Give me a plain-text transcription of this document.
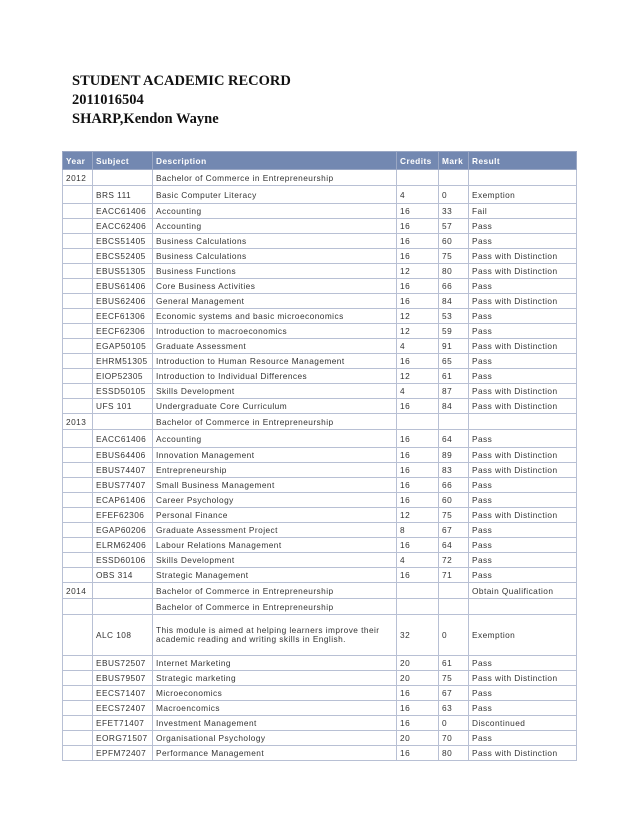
STUDENT ACADEMIC RECORD
2011016504
SHARP,Kendon Wayne
Year	Subject	Description	Credits	Mark	Result
2012		Bachelor of Commerce in Entrepreneurship			
	BRS 111	Basic Computer Literacy	4	0	Exemption
	EACC61406	Accounting	16	33	Fail
	EACC62406	Accounting	16	57	Pass
	EBCS51405	Business Calculations	16	60	Pass
	EBCS52405	Business Calculations	16	75	Pass with Distinction
	EBUS51305	Business Functions	12	80	Pass with Distinction
	EBUS61406	Core Business Activities	16	66	Pass
	EBUS62406	General Management	16	84	Pass with Distinction
	EECF61306	Economic systems and basic microeconomics	12	53	Pass
	EECF62306	Introduction to macroeconomics	12	59	Pass
	EGAP50105	Graduate Assessment	4	91	Pass with Distinction
	EHRM51305	Introduction to Human Resource Management	16	65	Pass
	EIOP52305	Introduction to Individual Differences	12	61	Pass
	ESSD50105	Skills Development	4	87	Pass with Distinction
	UFS 101	Undergraduate Core Curriculum	16	84	Pass with Distinction
2013		Bachelor of Commerce in Entrepreneurship			
	EACC61406	Accounting	16	64	Pass
	EBUS64406	Innovation Management	16	89	Pass with Distinction
	EBUS74407	Entrepreneurship	16	83	Pass with Distinction
	EBUS77407	Small Business Management	16	66	Pass
	ECAP61406	Career Psychology	16	60	Pass
	EFEF62306	Personal Finance	12	75	Pass with Distinction
	EGAP60206	Graduate Assessment Project	8	67	Pass
	ELRM62406	Labour Relations Management	16	64	Pass
	ESSD60106	Skills Development	4	72	Pass
	OBS 314	Strategic Management	16	71	Pass
2014		Bachelor of Commerce in Entrepreneurship			Obtain Qualification
		Bachelor of Commerce in Entrepreneurship			
	ALC 108	This module is aimed at helping learners improve their academic reading and writing skills in English.	32	0	Exemption
	EBUS72507	Internet Marketing	20	61	Pass
	EBUS79507	Strategic marketing	20	75	Pass with Distinction
	EECS71407	Microeconomics	16	67	Pass
	EECS72407	Macroencomics	16	63	Pass
	EFET71407	Investment Management	16	0	Discontinued
	EORG71507	Organisational Psychology	20	70	Pass
	EPFM72407	Performance Management	16	80	Pass with Distinction
